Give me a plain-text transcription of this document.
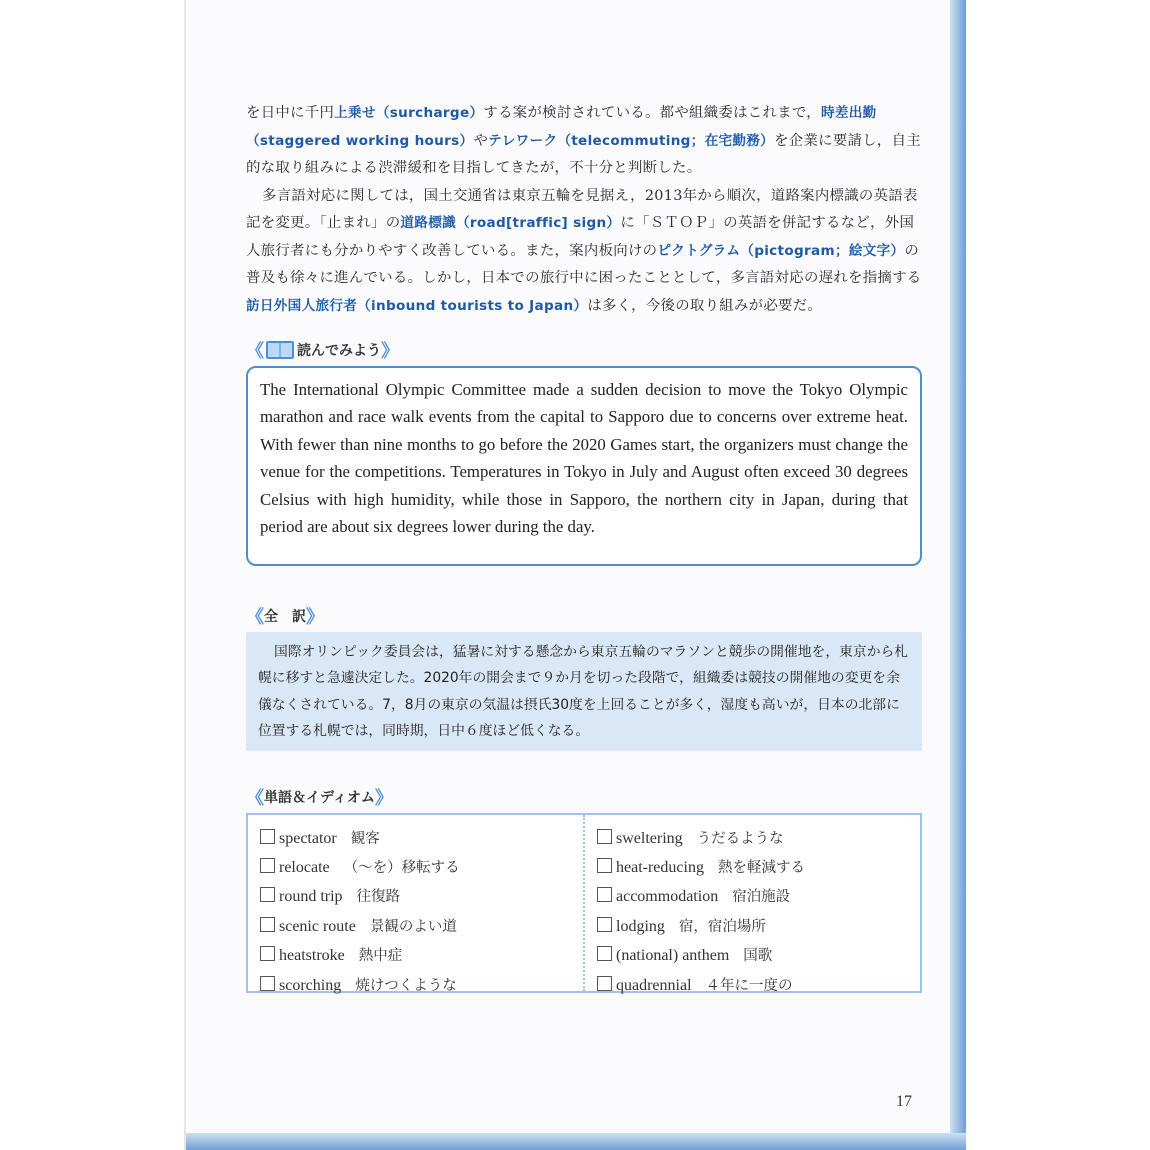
を日中に千円上乗せ（surcharge）する案が検討されている。都や組織委はこれまで，時差出勤（staggered working hours）やテレワーク（telecommuting；在宅勤務）を企業に要請し，自主的な取り組みによる渋滞緩和を目指してきたが，不十分と判断した。

多言語対応に関しては，国土交通省は東京五輪を見据え，2013年から順次，道路案内標識の英語表記を変更。「止まれ」の道路標識（road[traffic] sign）に「ＳＴＯＰ」の英語を併記するなど，外国人旅行者にも分かりやすく改善している。また，案内板向けのピクトグラム（pictogram；絵文字）の普及も徐々に進んでいる。しかし，日本での旅行中に困ったこととして，多言語対応の遅れを指摘する訪日外国人旅行者（inbound tourists to Japan）は多く，今後の取り組みが必要だ。

《 読んでみよう 》

The International Olympic Committee made a sudden decision to move the Tokyo Olympic marathon and race walk events from the capital to Sapporo due to concerns over extreme heat. With fewer than nine months to go before the 2020 Games start, the organizers must change the venue for the competitions. Temperatures in Tokyo in July and August often exceed 30 degrees Celsius with high humidity, while those in Sapporo, the northern city in Japan, during that period are about six degrees lower during the day.

《 全　訳 》

国際オリンピック委員会は，猛暑に対する懸念から東京五輪のマラソンと競歩の開催地を，東京から札幌に移すと急遽決定した。2020年の開会まで９か月を切った段階で，組織委は競技の開催地の変更を余儀なくされている。7，8月の東京の気温は摂氏30度を上回ることが多く，湿度も高いが，日本の北部に位置する札幌では，同時期，日中６度ほど低くなる。

《 単語＆イディオム 》
spectator 観客
relocate （～を）移転する
round trip 往復路
scenic route 景観のよい道
heatstroke 熱中症
scorching 焼けつくような
sweltering うだるような
heat-reducing 熱を軽減する
accommodation 宿泊施設
lodging 宿，宿泊場所
(national) anthem 国歌
quadrennial ４年に一度の
17
